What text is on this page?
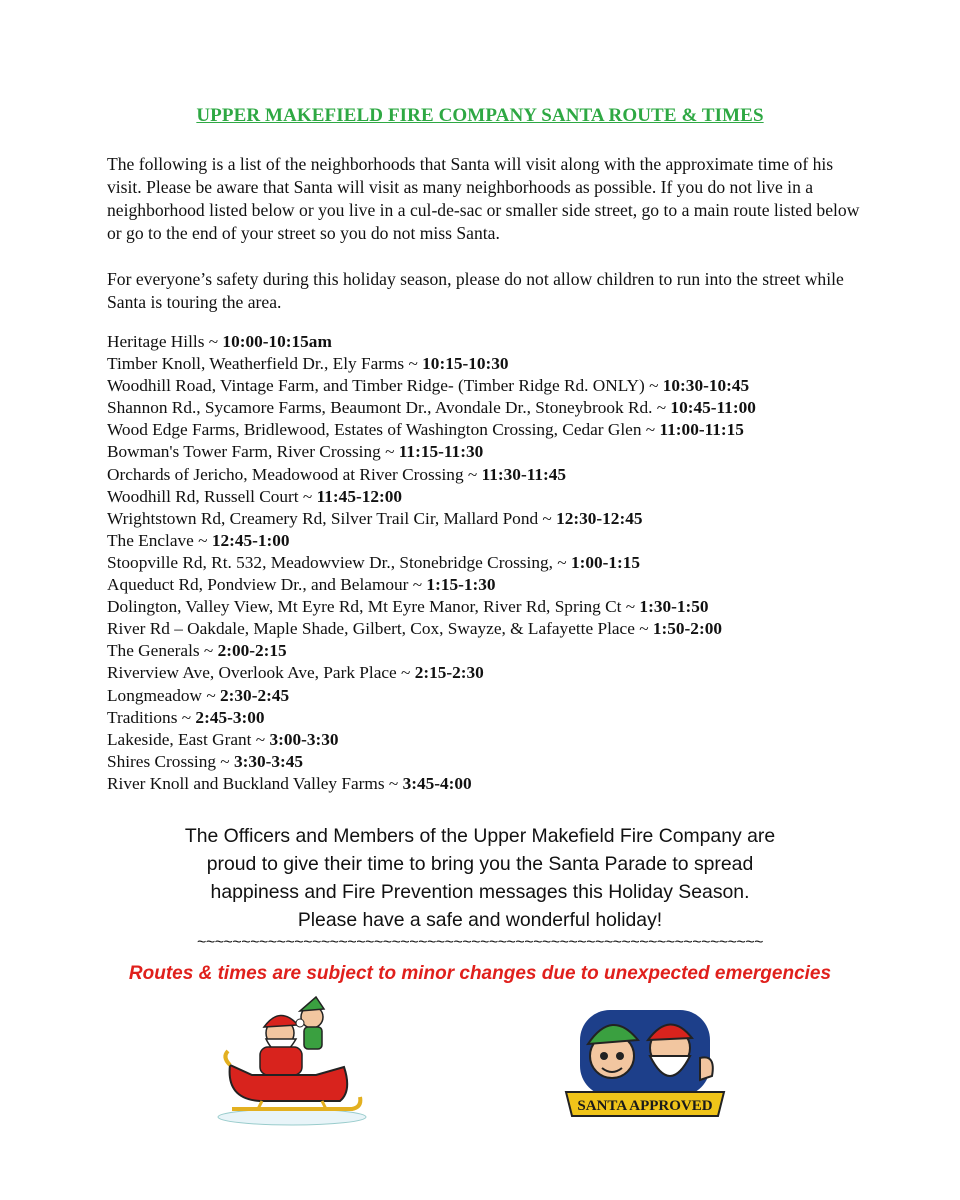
UPPER MAKEFIELD FIRE COMPANY SANTA ROUTE & TIMES

The following is a list of the neighborhoods that Santa will visit along with the approximate time of his visit. Please be aware that Santa will visit as many neighborhoods as possible. If you do not live in a neighborhood listed below or you live in a cul-de-sac or smaller side street, go to a main route listed below or go to the end of your street so you do not miss Santa.

For everyone’s safety during this holiday season, please do not allow children to run into the street while Santa is touring the area.

Heritage Hills ~ 10:00-10:15am
Timber Knoll, Weatherfield Dr., Ely Farms ~ 10:15-10:30
Woodhill Road, Vintage Farm, and Timber Ridge- (Timber Ridge Rd. ONLY) ~ 10:30-10:45
Shannon Rd., Sycamore Farms, Beaumont Dr., Avondale Dr., Stoneybrook Rd. ~ 10:45-11:00
Wood Edge Farms, Bridlewood, Estates of Washington Crossing, Cedar Glen ~ 11:00-11:15
Bowman's Tower Farm, River Crossing ~ 11:15-11:30
Orchards of Jericho, Meadowood at River Crossing ~ 11:30-11:45
Woodhill Rd, Russell Court ~ 11:45-12:00
Wrightstown Rd, Creamery Rd, Silver Trail Cir, Mallard Pond ~ 12:30-12:45
The Enclave ~ 12:45-1:00
Stoopville Rd, Rt. 532, Meadowview Dr., Stonebridge Crossing, ~ 1:00-1:15
Aqueduct Rd, Pondview Dr., and Belamour ~ 1:15-1:30
Dolington, Valley View, Mt Eyre Rd, Mt Eyre Manor, River Rd, Spring Ct ~ 1:30-1:50
River Rd – Oakdale, Maple Shade, Gilbert, Cox, Swayze, & Lafayette Place ~ 1:50-2:00
The Generals ~ 2:00-2:15
Riverview Ave, Overlook Ave, Park Place ~ 2:15-2:30
Longmeadow ~ 2:30-2:45
Traditions ~ 2:45-3:00
Lakeside, East Grant ~ 3:00-3:30
Shires Crossing ~ 3:30-3:45
River Knoll and Buckland Valley Farms ~ 3:45-4:00
The Officers and Members of the Upper Makefield Fire Company are
proud to give their time to bring you the Santa Parade to spread
happiness and Fire Prevention messages this Holiday Season.
Please have a safe and wonderful holiday!
~~~~~~~~~~~~~~~~~~~~~~~~~~~~~~~~~~~~~~~~~~~~~~~~~~~~~~~~~~~~~~~~
Routes & times are subject to minor changes due to unexpected emergencies
SANTA APPROVED
